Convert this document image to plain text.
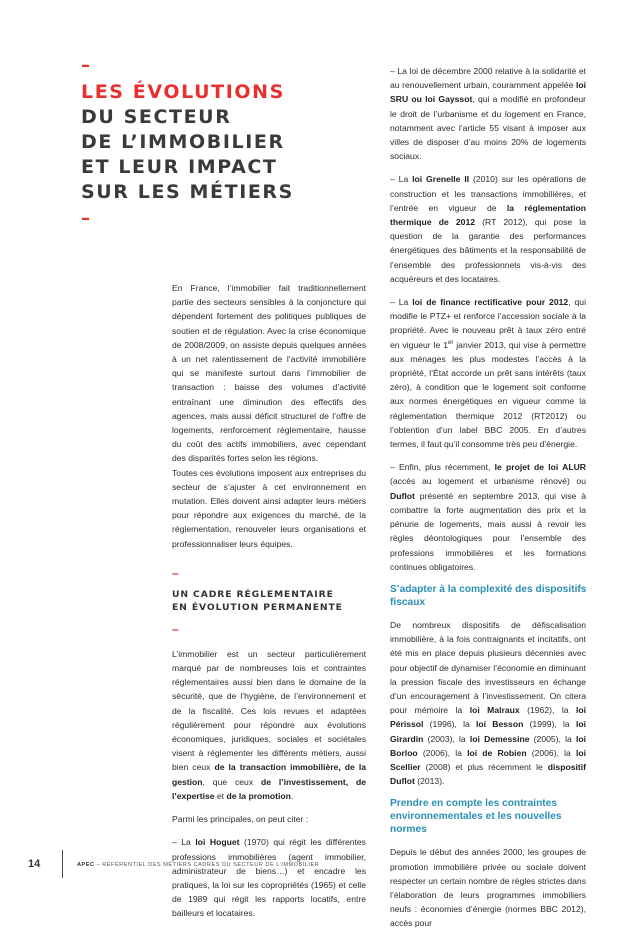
–
LES ÉVOLUTIONS
DU SECTEUR
DE L’IMMOBILIER
ET LEUR IMPACT
SUR LES MÉTIERS
–

En France, l’immobilier fait traditionnellement partie des secteurs sensibles à la conjoncture qui dépendent fortement des politiques publiques de soutien et de régulation. Avec la crise économique de 2008/2009, on assiste depuis quelques années à un net ralentissement de l’activité immobilière qui se manifeste surtout dans l’immobilier de transaction : baisse des volumes d’activité entraînant une diminution des effectifs des agences, mais aussi déficit structurel de l’offre de logements, renforcement réglementaire, hausse du coût des actifs immobiliers, avec cependant des disparités fortes selon les régions.

Toutes ces évolutions imposent aux entreprises du secteur de s’ajuster à cet environnement en mutation. Elles doivent ainsi adapter leurs métiers pour répondre aux exigences du marché, de la réglementation, renouveler leurs organisations et professionnaliser leurs équipes.

–

UN CADRE RÉGLEMENTAIRE
EN ÉVOLUTION PERMANENTE

–

L’immobilier est un secteur particulièrement marqué par de nombreuses lois et contraintes réglementaires aussi bien dans le domaine de la sécurité, que de l’hygiène, de l’environnement et de la fiscalité. Ces lois revues et adaptées régulièrement pour répondre aux évolutions économiques, juridiques, sociales et sociétales visent à réglementer les différents métiers, aussi bien ceux de la transaction immobilière, de la gestion, que ceux de l’investissement, de l’expertise et de la promotion.

Parmi les principales, on peut citer :

– La loi Hoguet (1970) qui régit les différentes professions immobilières (agent immobilier, administrateur de biens…) et encadre les pratiques, la loi sur les copropriétés (1965) et celle de 1989 qui régit les rapports locatifs, entre bailleurs et locataires.

– La loi de décembre 2000 relative à la solidarité et au renouvellement urbain, couramment appelée loi SRU ou loi Gayssot, qui a modifié en profondeur le droit de l’urbanisme et du logement en France, notamment avec l’article 55 visant à imposer aux villes de disposer d’au moins 20% de logements sociaux.

– La loi Grenelle II (2010) sur les opérations de construction et les transactions immobilières, et l’entrée en vigueur de la réglementation thermique de 2012 (RT 2012), qui pose la question de la garantie des performances énergétiques des bâtiments et la responsabilité de l’ensemble des professionnels vis-à-vis des acquéreurs et des locataires.

– La loi de finance rectificative pour 2012, qui modifie le PTZ+ et renforce l’accession sociale à la propriété. Avec le nouveau prêt à taux zéro entré en vigueur le 1er janvier 2013, qui vise à permettre aux ménages les plus modestes l’accès à la propriété, l’État accorde un prêt sans intérêts (taux zéro), à condition que le logement soit conforme aux normes énergétiques en vigueur comme la réglementation thermique 2012 (RT2012) ou l’obtention d’un label BBC 2005. En d’autres termes, il faut qu’il consomme très peu d’énergie.

– Enfin, plus récemment, le projet de loi ALUR (accès au logement et urbanisme rénové) ou Duflot présenté en septembre 2013, qui vise à combattre la forte augmentation des prix et la pénurie de logements, mais aussi à revoir les règles déontologiques pour l’ensemble des professions immobilières et les formations continues obligatoires.

S’adapter à la complexité des dispositifs
fiscaux

De nombreux dispositifs de défiscalisation immobilière, à la fois contraignants et incitatifs, ont été mis en place depuis plusieurs décennies avec pour objectif de dynamiser l’économie en diminuant la pression fiscale des investisseurs en échange d’un encouragement à l’investissement. On citera pour mémoire la loi Malraux (1962), la loi Périssol (1996), la loi Besson (1999), la loi Girardin (2003), la loi Demessine (2005), la loi Borloo (2006), la loi de Robien (2006), la loi Scellier (2008) et plus récemment le dispositif Duflot (2013).

Prendre en compte les contraintes
environnementales et les nouvelles
normes

Depuis le début des années 2000, les groupes de promotion immobilière privée ou sociale doivent respecter un certain nombre de règles strictes dans l’élaboration de leurs programmes immobiliers neufs : économies d’énergie (normes BBC 2012), accès pour

14	APEC – RÉFÉRENTIEL DES MÉTIERS CADRES DU SECTEUR DE L’IMMOBILIER
